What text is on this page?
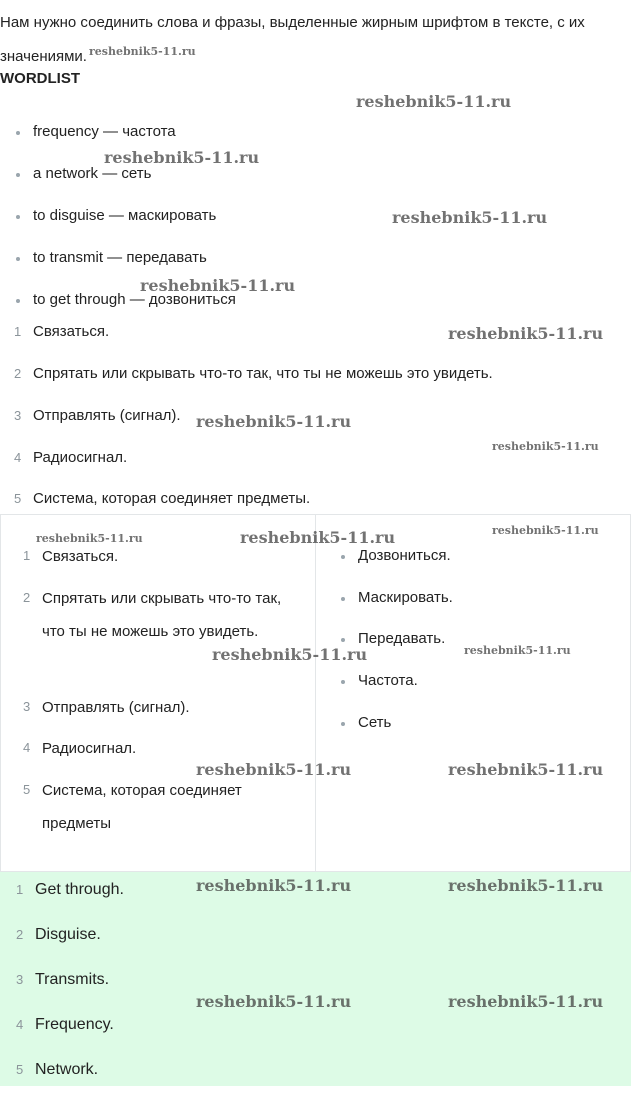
Нам нужно соединить слова и фразы, выделенные жирным шрифтом в тексте, с их значениями. $^{reshebnik5-11.ru}$
WORDLIST
frequency — частота
a network — сеть
to disguise — маскировать
to transmit — передавать
to get through — дозвониться
1 Связаться.
2 Спрятать или скрывать что-то так, что ты не можешь это увидеть.
3 Отправлять (сигнал).
4 Радиосигнал.
5 Система, которая соединяет предметы.
1 Связаться.
2 Спрятать или скрывать что-то так, что ты не можешь это увидеть.
3 Отправлять (сигнал).
4 Радиосигнал.
5 Система, которая соединяет предметы
Дозвониться.
Маскировать.
Передавать.
Частота.
Сеть
1 Get through.
2 Disguise.
3 Transmits.
4 Frequency.
5 Network.
reshebnik5-11.ru
reshebnik5-11.ru
reshebnik5-11.ru
reshebnik5-11.ru
reshebnik5-11.ru
reshebnik5-11.ru
reshebnik5-11.ru
reshebnik5-11.ru
reshebnik5-11.ru	reshebnik5-11.ru
reshebnik5-11.ru	reshebnik5-11.ru
reshebnik5-11.ru	reshebnik5-11.ru
reshebnik5-11.ru	reshebnik5-11.ru
reshebnik5-11.ru	reshebnik5-11.ru
